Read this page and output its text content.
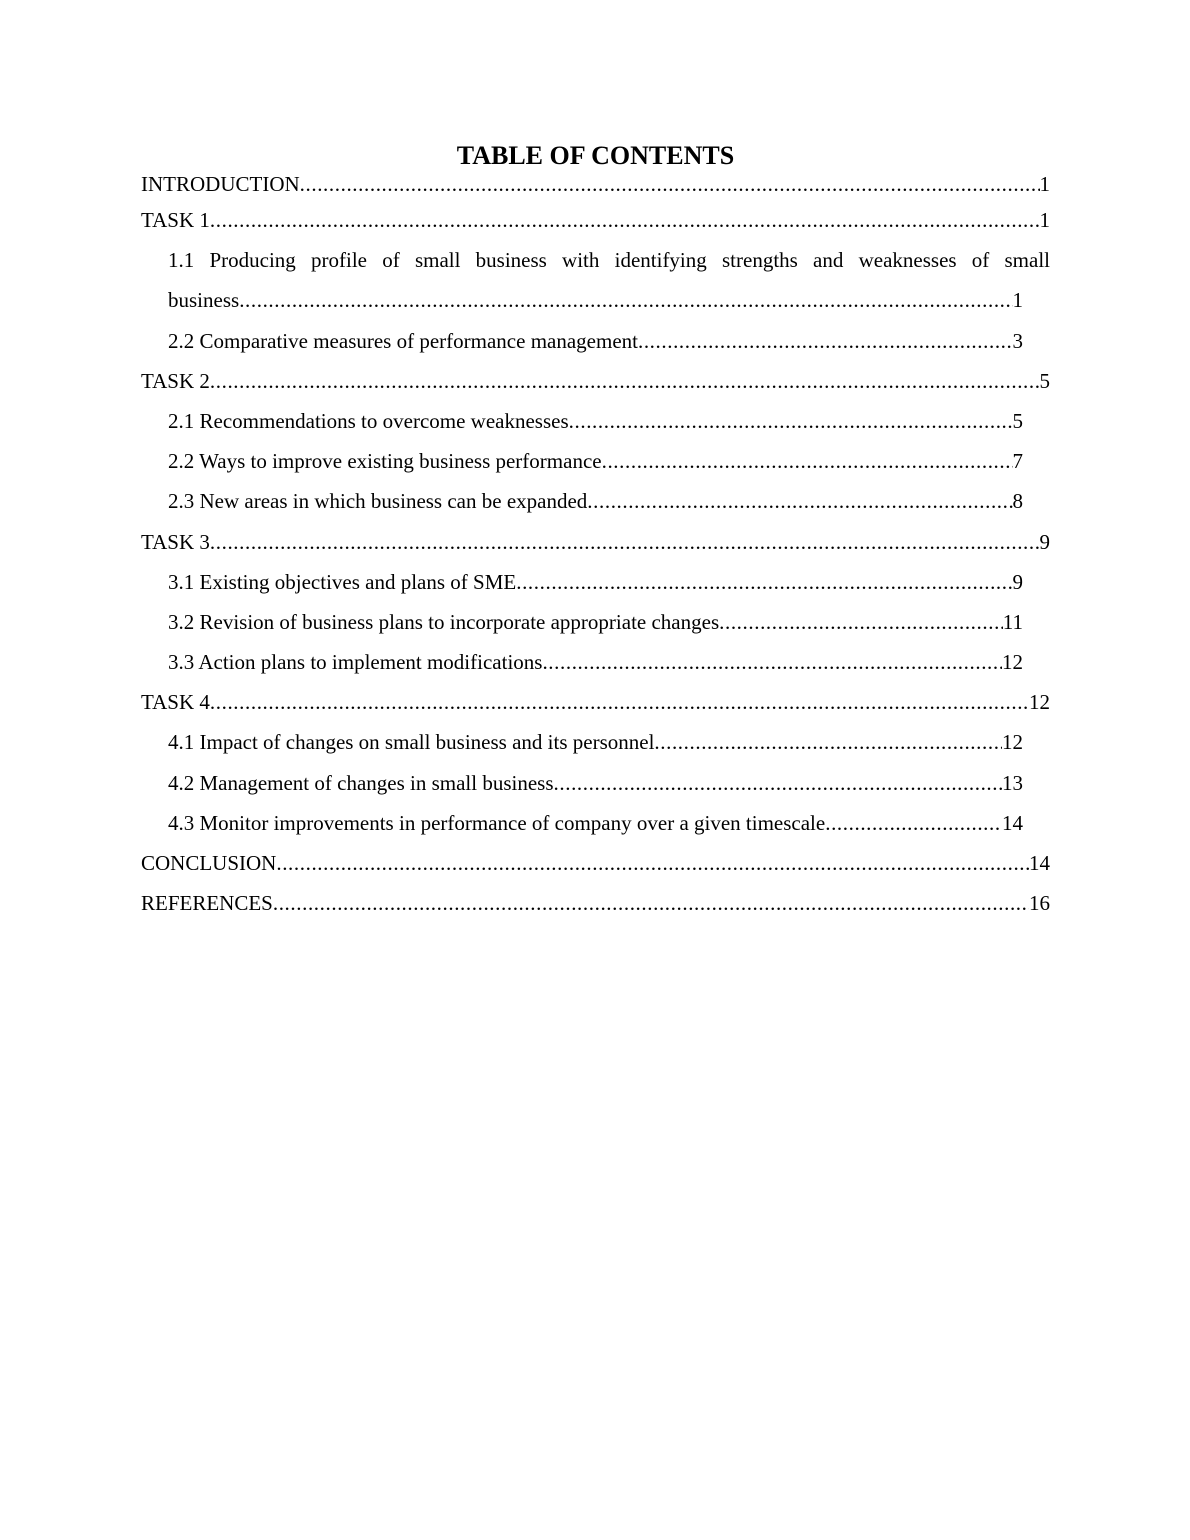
TABLE OF CONTENTS
INTRODUCTION .....	1
TASK 1 .....	1
1.1 Producing profile of small business with identifying strengths and weaknesses of small
business .....	1
2.2 Comparative measures of performance management .....	3
TASK 2 .....	5
2.1 Recommendations to overcome weaknesses .....	5
2.2 Ways to improve existing business performance .....	7
2.3 New areas in which business can be expanded .....	8
TASK 3 .....	9
3.1 Existing objectives and plans of SME .....	9
3.2 Revision of business plans to incorporate appropriate changes .....	11
3.3 Action plans to implement modifications .....	12
TASK 4 .....	12
4.1 Impact of changes on small business and its personnel .....	12
4.2 Management of changes in small business .....	13
4.3 Monitor improvements in performance of company over a given timescale .....	14
CONCLUSION .....	14
REFERENCES .....	16
